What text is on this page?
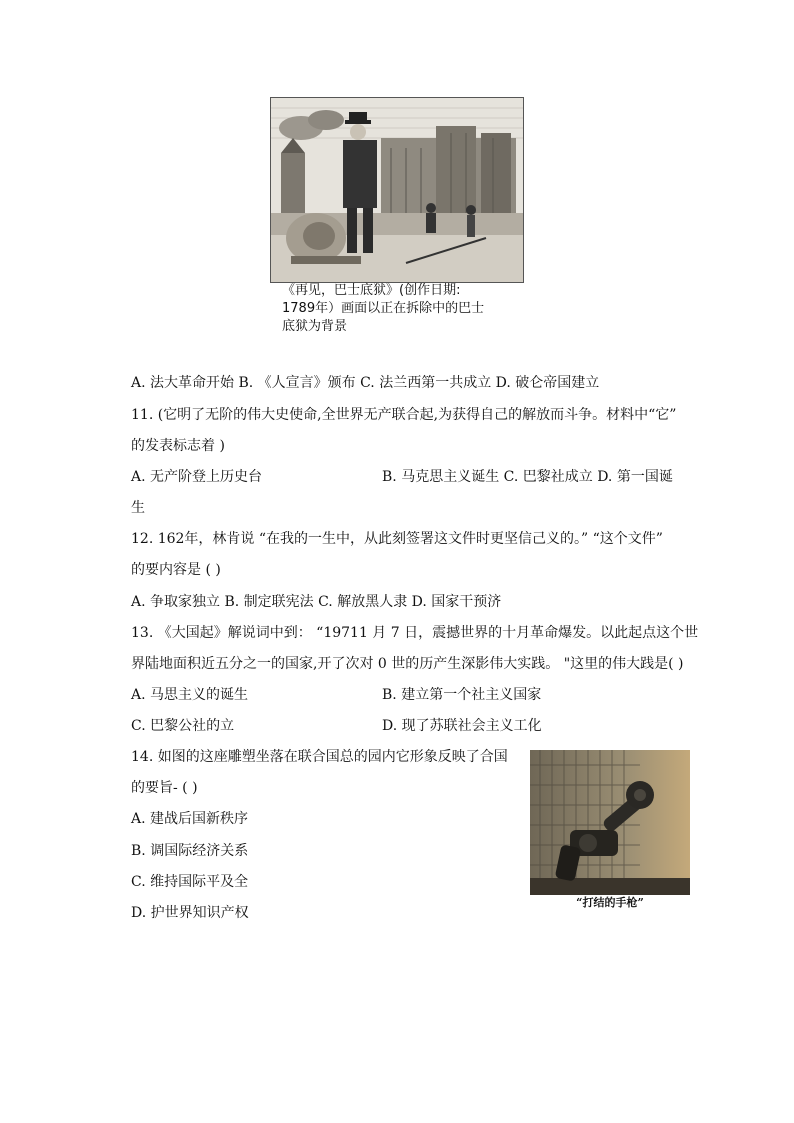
《再见，巴士底狱》(创作日期:
1789年）画面以正在拆除中的巴士
底狱为背景
A. 法大革命开始 B. 《人宣言》颁布 C. 法兰西第一共成立 D. 破仑帝国建立
11. (它明了无阶的伟大史使命,全世界无产联合起,为获得自己的解放而斗争。材料中“它”
的发表标志着 )
A. 无产阶登上历史台	B. 马克思主义诞生 C. 巴黎社成立 D. 第一国诞
生
12. 162年，林肯说 “在我的一生中，从此刻签署这文件时更坚信己义的。” “这个文件”
的要内容是 ( )
A. 争取家独立 B. 制定联宪法 C. 解放黑人隶 D. 国家干预济
13. 《大国起》解说词中到： “19711 月 7 日，震撼世界的十月革命爆发。以此起点这个世
界陆地面积近五分之一的国家,开了次对 0 世的历产生深影伟大实践。 "这里的伟大践是( )
A. 马思主义的诞生	B. 建立第一个社主义国家
C. 巴黎公社的立	D. 现了苏联社会主义工化
14. 如图的这座雕塑坐落在联合国总的园内它形象反映了合国
的要旨- ( )
A. 建战后国新秩序
B. 调国际经济关系
C. 维持国际平及全
D. 护世界知识产权
“打结的手枪”
